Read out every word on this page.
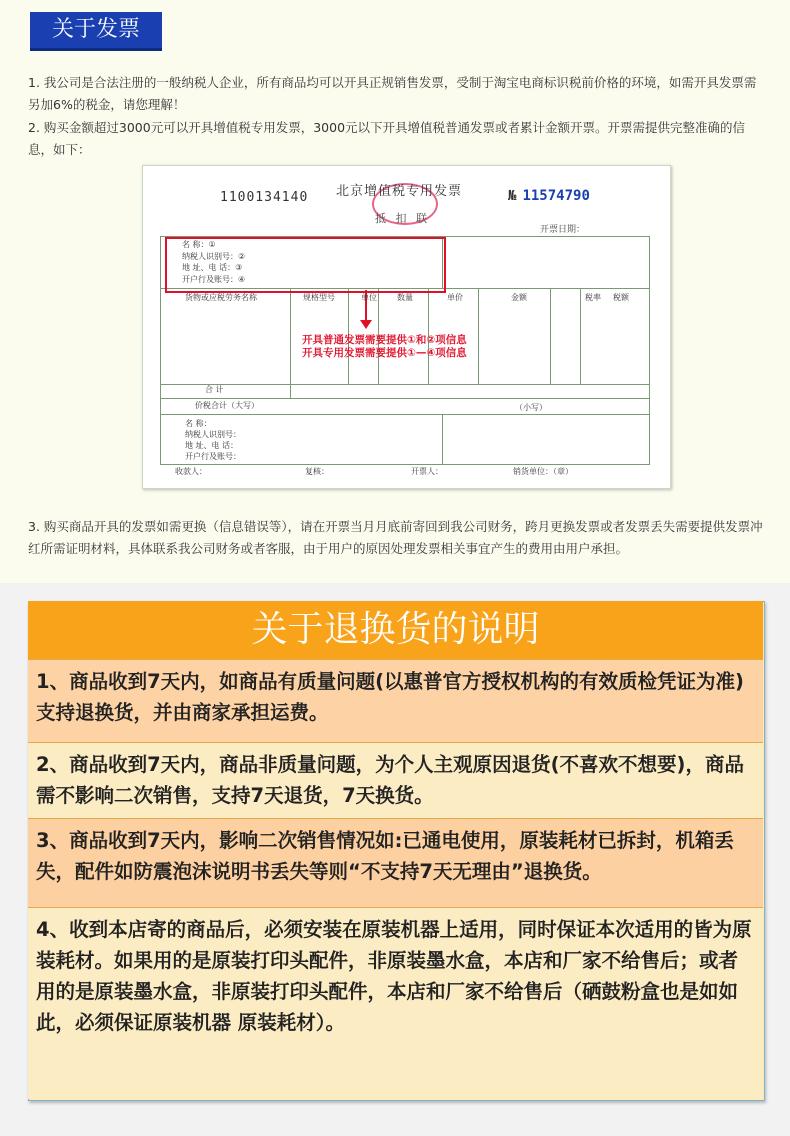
关于发票
1. 我公司是合法注册的一般纳税人企业，所有商品均可以开具正规销售发票，受制于淘宝电商标识税前价格的环境，如需开具发票需另加6%的税金，请您理解！
2. 购买金额超过3000元可以开具增值税专用发票，3000元以下开具增值税普通发票或者累计金额开票。开票需提供完整准确的信息，如下：
1100134140 北京增值税专用发票
抵 扣 联
№ 11574790
开票日期：
名 称：①
纳税人识别号：②
地 址、电 话：③
开户行及账号：④
开具普通发票需要提供①和②项信息
开具专用发票需要提供①—④项信息
货物或应税劳务名称	规格型号	单位	数量	单价	金额	税率 税额
合 计
价税合计（大写）	（小写）
名 称：
纳税人识别号：
地 址、电 话：
开户行及账号：
收款人：	复核：	开票人：	销货单位：（章）
3. 购买商品开具的发票如需更换（信息错误等），请在开票当月月底前寄回到我公司财务，跨月更换发票或者发票丢失需要提供发票冲红所需证明材料，具体联系我公司财务或者客服，由于用户的原因处理发票相关事宜产生的费用由用户承担。
关于退换货的说明
1、商品收到7天内，如商品有质量问题(以惠普官方授权机构的有效质检凭证为准)支持退换货，并由商家承担运费。
2、商品收到7天内，商品非质量问题，为个人主观原因退货(不喜欢不想要)，商品需不影响二次销售，支持7天退货，7天换货。
3、商品收到7天内，影响二次销售情况如:已通电使用，原装耗材已拆封，机箱丢失，配件如防震泡沫说明书丢失等则“不支持7天无理由”退换货。
4、收到本店寄的商品后，必须安装在原装机器上适用，同时保证本次适用的皆为原装耗材。如果用的是原装打印头配件，非原装墨水盒，本店和厂家不给售后；或者用的是原装墨水盒，非原装打印头配件，本店和厂家不给售后（硒鼓粉盒也是如如此，必须保证原装机器 原装耗材）。
